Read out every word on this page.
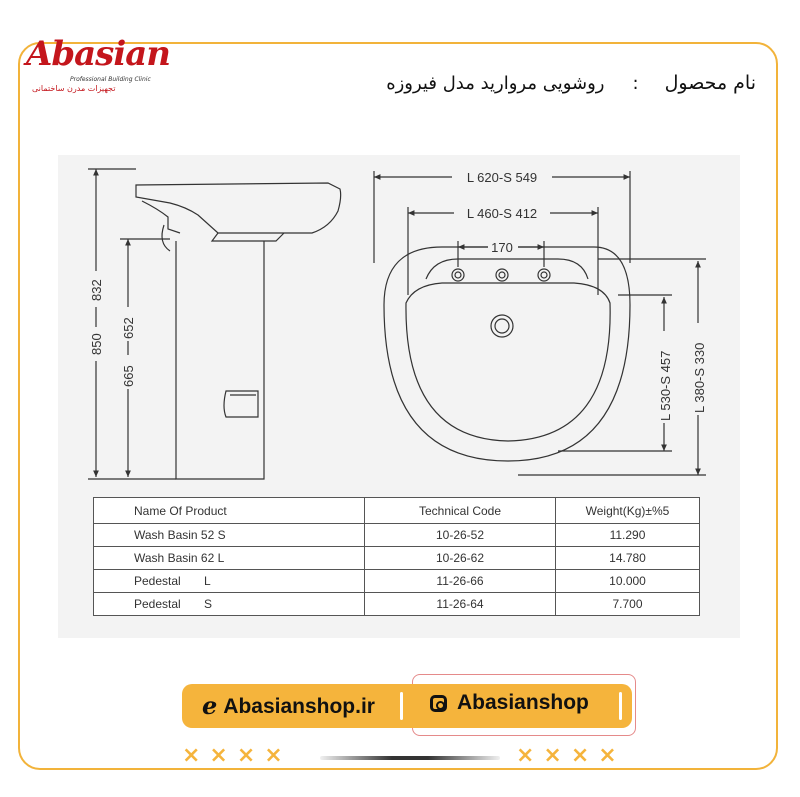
Abasian
Professional Building Clinic
تجهیزات مدرن ساختمانی	نام محصول:روشویی مروارید مدل فیروزه
832
850
652
665
L 620-S 549
L 460-S 412
170
L 530-S 457 L 380-S 330
Name Of Product	Technical Code	Weight(Kg)±%5
Wash Basin 52 S	10-26-52	11.290
Wash Basin 62 L	10-26-62	14.780
Pedestal       L	11-26-66	10.000
Pedestal       S	11-26-64	7.700
e Abasianshop.ir	Abasianshop
××××	××××
